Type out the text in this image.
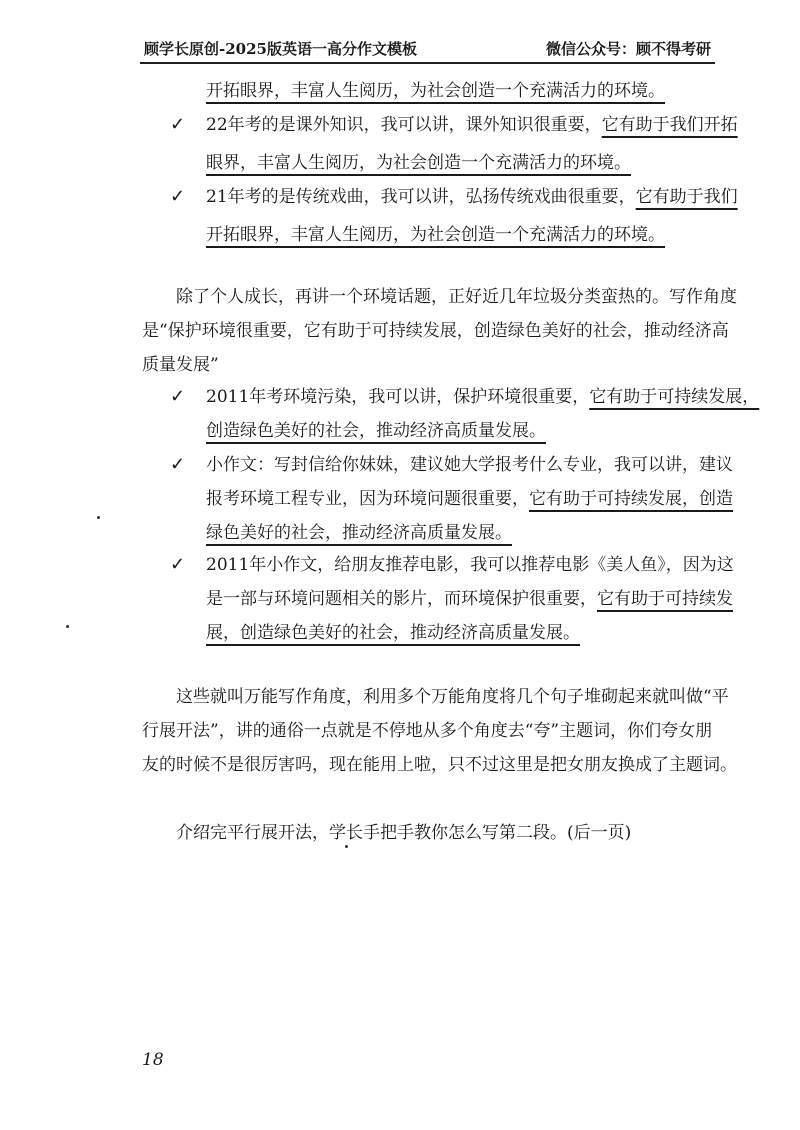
顾学长原创-2025版英语一高分作文模板	微信公众号：顾不得考研
开拓眼界，丰富人生阅历，为社会创造一个充满活力的环境。
✓ 22年考的是课外知识，我可以讲，课外知识很重要，它有助于我们开拓
眼界，丰富人生阅历，为社会创造一个充满活力的环境。
✓ 21年考的是传统戏曲，我可以讲，弘扬传统戏曲很重要，它有助于我们
开拓眼界，丰富人生阅历，为社会创造一个充满活力的环境。
除了个人成长，再讲一个环境话题，正好近几年垃圾分类蛮热的。写作角度
是“保护环境很重要，它有助于可持续发展，创造绿色美好的社会，推动经济高
质量发展”
✓ 2011年考环境污染，我可以讲，保护环境很重要，它有助于可持续发展，
创造绿色美好的社会，推动经济高质量发展。
✓ 小作文：写封信给你妹妹，建议她大学报考什么专业，我可以讲，建议
报考环境工程专业，因为环境问题很重要，它有助于可持续发展，创造
绿色美好的社会，推动经济高质量发展。
✓ 2011年小作文，给朋友推荐电影，我可以推荐电影《美人鱼》，因为这
是一部与环境问题相关的影片，而环境保护很重要，它有助于可持续发
展，创造绿色美好的社会，推动经济高质量发展。
这些就叫万能写作角度，利用多个万能角度将几个句子堆砌起来就叫做“平
行展开法”，讲的通俗一点就是不停地从多个角度去“夸”主题词，你们夸女朋
友的时候不是很厉害吗，现在能用上啦，只不过这里是把女朋友换成了主题词。
介绍完平行展开法，学长手把手教你怎么写第二段。(后一页)
18
